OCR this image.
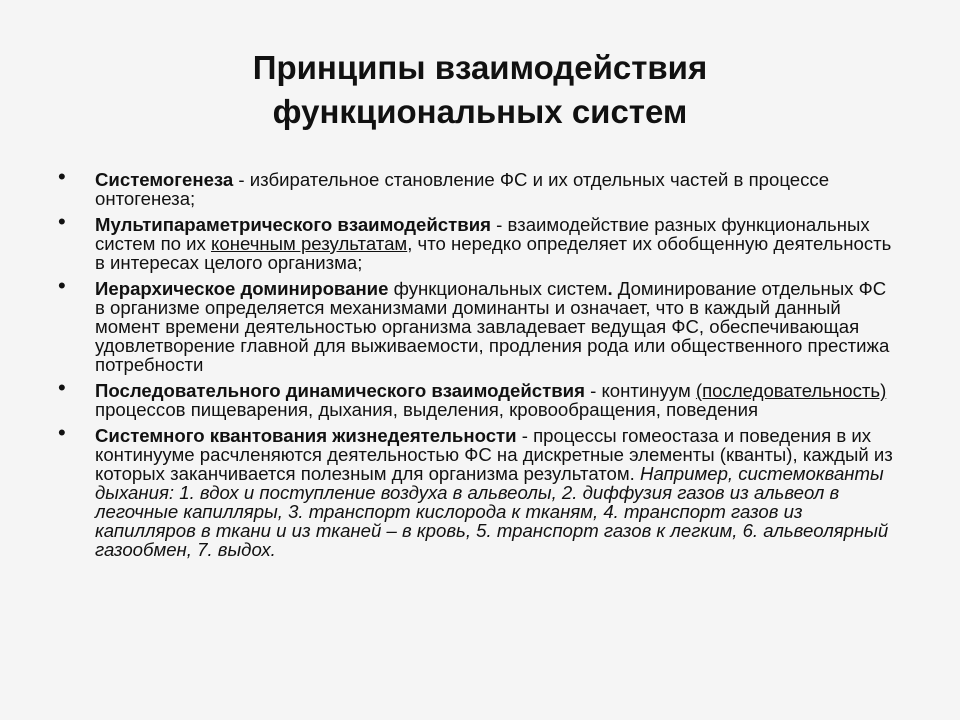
Принципы взаимодействия
функциональных систем
• Системогенеза - избирательное становление ФС и их отдельных частей в процессе онтогенеза;
• Мультипараметрического взаимодействия - взаимодействие разных функциональных систем по их конечным результатам, что нередко определяет их обобщенную деятельность в интересах целого организма;
• Иерархическое доминирование функциональных систем. Доминирование отдельных ФС в организме определяется механизмами доминанты и означает, что в каждый данный момент времени деятельностью организма завладевает ведущая ФС, обеспечивающая удовлетворение главной для выживаемости, продления рода или общественного престижа потребности
• Последовательного динамического взаимодействия - континуум (последовательность) процессов пищеварения, дыхания, выделения, кровообращения, поведения
• Системного квантования жизнедеятельности - процессы гомеостаза и поведения в их континууме расчленяются деятельностью ФС на дискретные элементы (кванты), каждый из которых заканчивается полезным для организма результатом. Например, системокванты дыхания: 1. вдох и поступление воздуха в альвеолы, 2. диффузия газов из альвеол в легочные капилляры, 3. транспорт кислорода к тканям, 4. транспорт газов из капилляров в ткани и из тканей – в кровь, 5. транспорт газов к легким, 6. альвеолярный газообмен, 7. выдох.
